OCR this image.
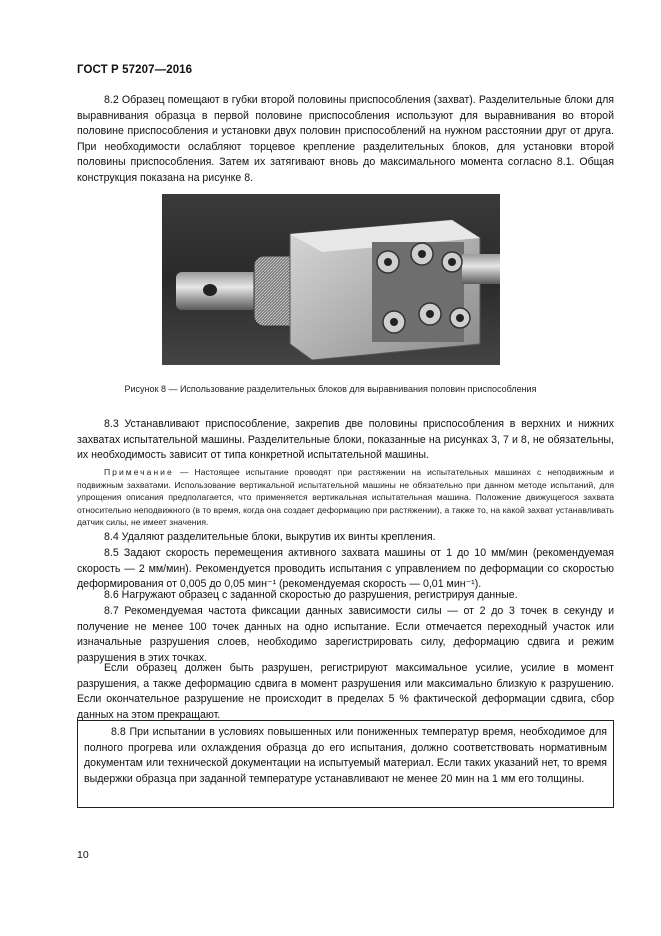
ГОСТ Р 57207—2016

8.2 Образец помещают в губки второй половины приспособления (захват). Разделительные блоки для выравнивания образца в первой половине приспособления используют для выравнивания во второй половине приспособления и установки двух половин приспособлений на нужном расстоянии друг от друга. При необходимости ослабляют торцевое крепление разделительных блоков, для установки второй половины приспособления. Затем их затягивают вновь до максимального момента согласно 8.1. Общая конструкция показана на рисунке 8.

Рисунок 8 — Использование разделительных блоков для выравнивания половин приспособления

8.3 Устанавливают приспособление, закрепив две половины приспособления в верхних и нижних захватах испытательной машины. Разделительные блоки, показанные на рисунках 3, 7 и 8, не обязательны, их необходимость зависит от типа конкретной испытательной машины.

Примечание — Настоящее испытание проводят при растяжении на испытательных машинах с неподвижным и подвижным захватами. Использование вертикальной испытательной машины не обязательно при данном методе испытаний, для упрощения описания предполагается, что применяется вертикальная испытательная машина. Положение движущегося захвата относительно неподвижного (в то время, когда она создает деформацию при растяжении), а также то, на какой захват устанавливать датчик силы, не имеет значения.

8.4 Удаляют разделительные блоки, выкрутив их винты крепления.

8.5 Задают скорость перемещения активного захвата машины от 1 до 10 мм/мин (рекомендуемая скорость — 2 мм/мин). Рекомендуется проводить испытания с управлением по деформации со скоростью деформирования от 0,005 до 0,05 мин⁻¹ (рекомендуемая скорость — 0,01 мин⁻¹).

8.6 Нагружают образец с заданной скоростью до разрушения, регистрируя данные.

8.7 Рекомендуемая частота фиксации данных зависимости силы — от 2 до 3 точек в секунду и получение не менее 100 точек данных на одно испытание. Если отмечается переходный участок или изначальные разрушения слоев, необходимо зарегистрировать силу, деформацию сдвига и режим разрушения в этих точках.

Если образец должен быть разрушен, регистрируют максимальное усилие, усилие в момент разрушения, а также деформацию сдвига в момент разрушения или максимально близкую к разрушению. Если окончательное разрушение не происходит в пределах 5 % фактической деформации сдвига, сбор данных на этом прекращают.

8.8 При испытании в условиях повышенных или пониженных температур время, необходимое для полного прогрева или охлаждения образца до его испытания, должно соответствовать нормативным документам или технической документации на испытуемый материал. Если таких указаний нет, то время выдержки образца при заданной температуре устанавливают не менее 20 мин на 1 мм его толщины.

10
